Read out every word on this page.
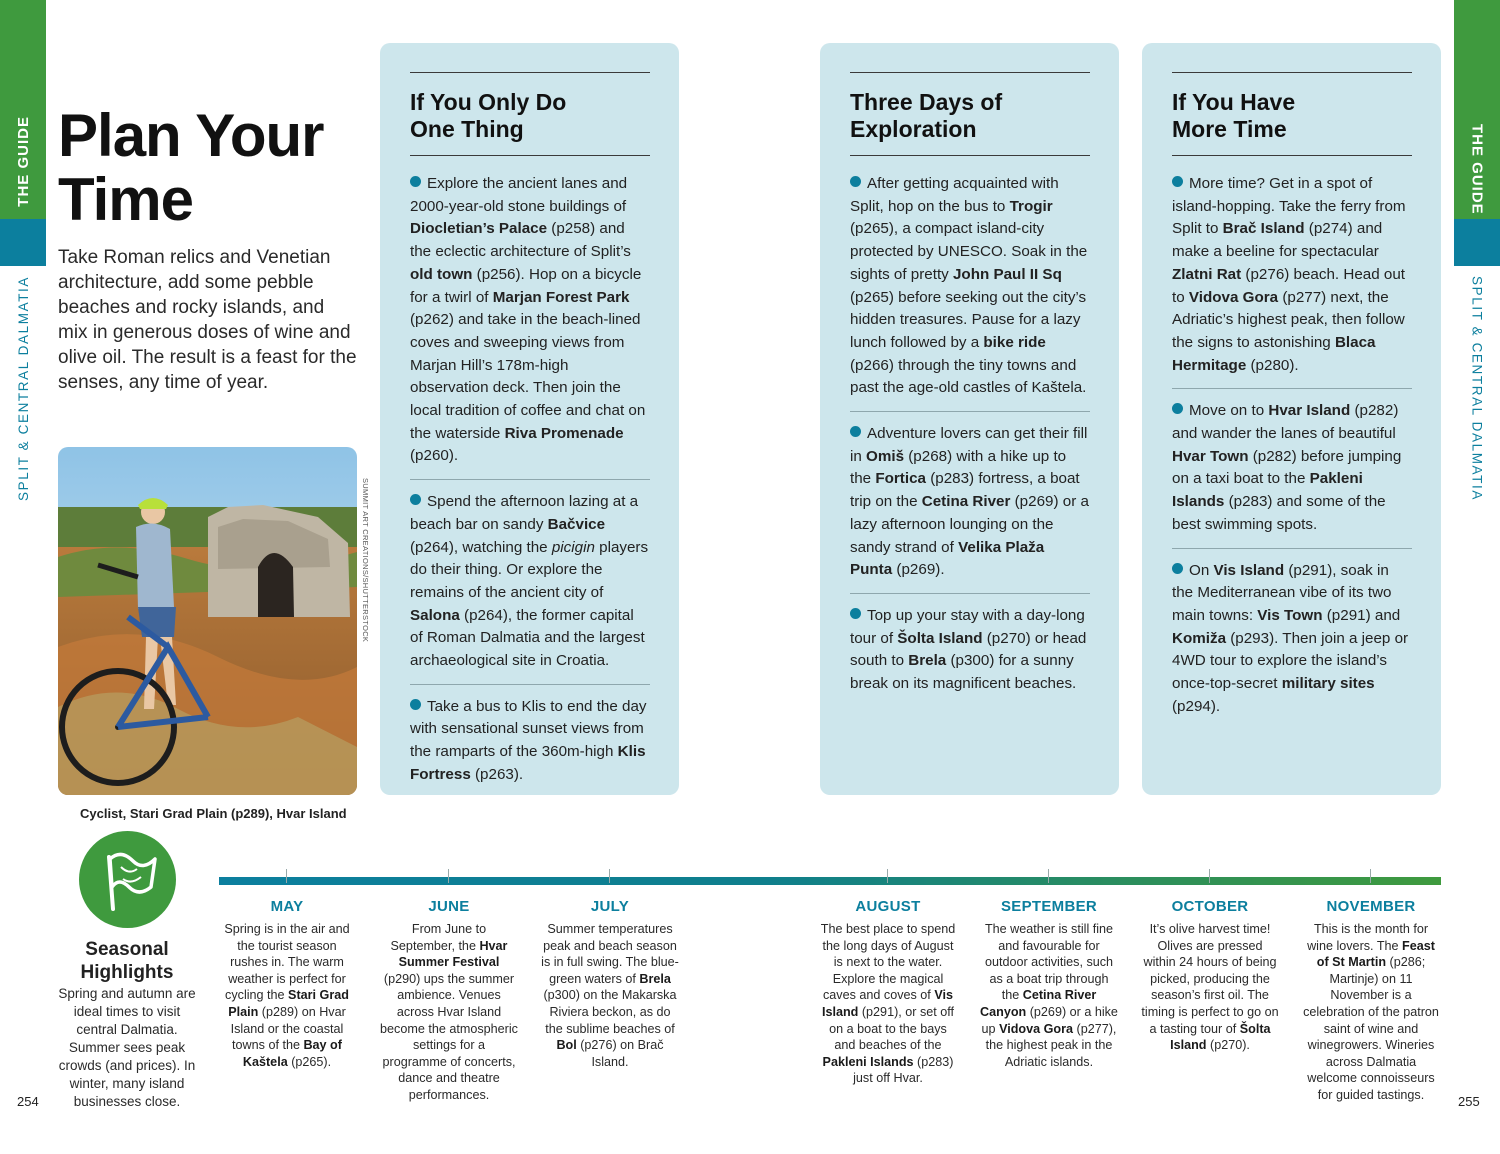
THE GUIDE
SPLIT & CENTRAL DALMATIA
THE GUIDE
SPLIT & CENTRAL DALMATIA
254	255
Plan Your Time

Take Roman relics and Venetian architecture, add some pebble beaches and rocky islands, and mix in generous doses of wine and olive oil. The result is a feast for the senses, any time of year.

SUMMIT ART CREATIONS/SHUTTERSTOCK
Cyclist, Stari Grad Plain (p289), Hvar Island
If You Only Do
One Thing

Explore the ancient lanes and 2000-year-old stone buildings of Diocletian’s Palace (p258) and the eclectic architecture of Split’s old town (p256). Hop on a bicycle for a twirl of Marjan Forest Park (p262) and take in the beach-lined coves and sweeping views from Marjan Hill’s 178m-high observation deck. Then join the local tradition of coffee and chat on the waterside Riva Promenade (p260).

Spend the afternoon lazing at a beach bar on sandy Bačvice (p264), watching the picigin players do their thing. Or explore the remains of the ancient city of Salona (p264), the former capital of Roman Dalmatia and the largest archaeological site in Croatia.

Take a bus to Klis to end the day with sensational sunset views from the ramparts of the 360m-high Klis Fortress (p263).

Three Days of
Exploration

After getting acquainted with Split, hop on the bus to Trogir (p265), a compact island-city protected by UNESCO. Soak in the sights of pretty John Paul II Sq (p265) before seeking out the city’s hidden treasures. Pause for a lazy lunch followed by a bike ride (p266) through the tiny towns and past the age-old castles of Kaštela.

Adventure lovers can get their fill in Omiš (p268) with a hike up to the Fortica (p283) fortress, a boat trip on the Cetina River (p269) or a lazy afternoon lounging on the sandy strand of Velika Plaža Punta (p269).

Top up your stay with a day-long tour of Šolta Island (p270) or head south to Brela (p300) for a sunny break on its magnificent beaches.

If You Have
More Time

More time? Get in a spot of island-hopping. Take the ferry from Split to Brač Island (p274) and make a beeline for spectacular Zlatni Rat (p276) beach. Head out to Vidova Gora (p277) next, the Adriatic’s highest peak, then follow the signs to astonishing Blaca Hermitage (p280).

Move on to Hvar Island (p282) and wander the lanes of beautiful Hvar Town (p282) before jumping on a taxi boat to the Pakleni Islands (p283) and some of the best swimming spots.

On Vis Island (p291), soak in the Mediterranean vibe of its two main towns: Vis Town (p291) and Komiža (p293). Then join a jeep or 4WD tour to explore the island’s once-top-secret military sites (p294).

Seasonal
Highlights
Spring and autumn are ideal times to visit central Dalmatia. Summer sees peak crowds (and prices). In winter, many island businesses close.
MAY
Spring is in the air and the tourist season rushes in. The warm weather is perfect for cycling the Stari Grad Plain (p289) on Hvar Island or the coastal towns of the Bay of Kaštela (p265).
JUNE
From June to September, the Hvar Summer Festival (p290) ups the summer ambience. Venues across Hvar Island become the atmospheric settings for a programme of concerts, dance and theatre performances.
JULY
Summer temperatures peak and beach season is in full swing. The blue-green waters of Brela (p300) on the Makarska Riviera beckon, as do the sublime beaches of Bol (p276) on Brač Island.
AUGUST
The best place to spend the long days of August is next to the water. Explore the magical caves and coves of Vis Island (p291), or set off on a boat to the bays and beaches of the Pakleni Islands (p283) just off Hvar.
SEPTEMBER
The weather is still fine and favourable for outdoor activities, such as a boat trip through the Cetina River Canyon (p269) or a hike up Vidova Gora (p277), the highest peak in the Adriatic islands.
OCTOBER
It’s olive harvest time! Olives are pressed within 24 hours of being picked, producing the season’s first oil. The timing is perfect to go on a tasting tour of Šolta Island (p270).
NOVEMBER
This is the month for wine lovers. The Feast of St Martin (p286; Martinje) on 11 November is a celebration of the patron saint of wine and winegrowers. Wineries across Dalmatia welcome connoisseurs for guided tastings.
